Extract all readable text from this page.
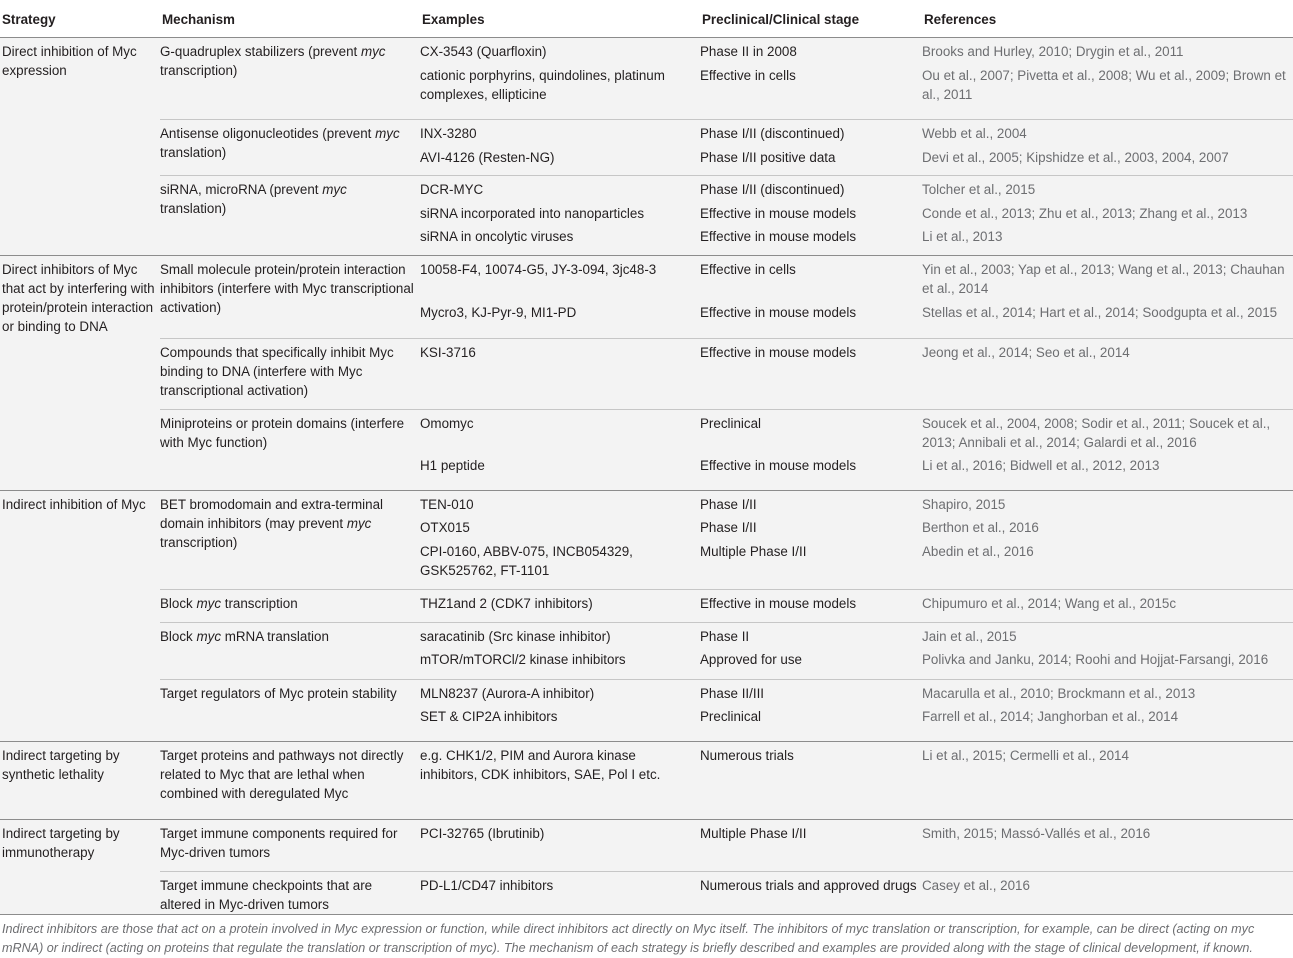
Strategy	Mechanism	Examples	Preclinical/Clinical stage	References
Direct inhibition of Myc expression	G-quadruplex stabilizers (prevent myc transcription)	CX-3543 (Quarfloxin)	Phase II in 2008	Brooks and Hurley, 2010; Drygin et al., 2011
		cationic porphyrins, quindolines, platinum complexes, ellipticine	Effective in cells	Ou et al., 2007; Pivetta et al., 2008; Wu et al., 2009; Brown et al., 2011
	Antisense oligonucleotides (prevent myc translation)	INX-3280	Phase I/II (discontinued)	Webb et al., 2004
		AVI-4126 (Resten-NG)	Phase I/II positive data	Devi et al., 2005; Kipshidze et al., 2003, 2004, 2007
	siRNA, microRNA (prevent myc translation)	DCR-MYC	Phase I/II (discontinued)	Tolcher et al., 2015
		siRNA incorporated into nanoparticles	Effective in mouse models	Conde et al., 2013; Zhu et al., 2013; Zhang et al., 2013
		siRNA in oncolytic viruses	Effective in mouse models	Li et al., 2013
Direct inhibitors of Myc that act by interfering with protein/protein interaction or binding to DNA	Small molecule protein/protein interaction inhibitors (interfere with Myc transcriptional activation)	10058-F4, 10074-G5, JY-3-094, 3jc48-3	Effective in cells	Yin et al., 2003; Yap et al., 2013; Wang et al., 2013; Chauhan et al., 2014
		Mycro3, KJ-Pyr-9, MI1-PD	Effective in mouse models	Stellas et al., 2014; Hart et al., 2014; Soodgupta et al., 2015
	Compounds that specifically inhibit Myc binding to DNA (interfere with Myc transcriptional activation)	KSI-3716	Effective in mouse models	Jeong et al., 2014; Seo et al., 2014
	Miniproteins or protein domains (interfere with Myc function)	Omomyc	Preclinical	Soucek et al., 2004, 2008; Sodir et al., 2011; Soucek et al., 2013; Annibali et al., 2014; Galardi et al., 2016
		H1 peptide	Effective in mouse models	Li et al., 2016; Bidwell et al., 2012, 2013
Indirect inhibition of Myc	BET bromodomain and extra-terminal domain inhibitors (may prevent myc transcription)	TEN-010	Phase I/II	Shapiro, 2015
		OTX015	Phase I/II	Berthon et al., 2016
		CPI-0160, ABBV-075, INCB054329, GSK525762, FT-1101	Multiple Phase I/II	Abedin et al., 2016
	Block myc transcription	THZ1and 2 (CDK7 inhibitors)	Effective in mouse models	Chipumuro et al., 2014; Wang et al., 2015c
	Block myc mRNA translation	saracatinib (Src kinase inhibitor)	Phase II	Jain et al., 2015
		mTOR/mTORCl/2 kinase inhibitors	Approved for use	Polivka and Janku, 2014; Roohi and Hojjat-Farsangi, 2016
	Target regulators of Myc protein stability	MLN8237 (Aurora-A inhibitor)	Phase II/III	Macarulla et al., 2010; Brockmann et al., 2013
		SET & CIP2A inhibitors	Preclinical	Farrell et al., 2014; Janghorban et al., 2014
Indirect targeting by synthetic lethality	Target proteins and pathways not directly related to Myc that are lethal when combined with deregulated Myc	e.g. CHK1/2, PIM and Aurora kinase inhibitors, CDK inhibitors, SAE, Pol I etc.	Numerous trials	Li et al., 2015; Cermelli et al., 2014
Indirect targeting by immunotherapy	Target immune components required for Myc-driven tumors	PCI-32765 (Ibrutinib)	Multiple Phase I/II	Smith, 2015; Massó-Vallés et al., 2016
	Target immune checkpoints that are altered in Myc-driven tumors	PD-L1/CD47 inhibitors	Numerous trials and approved drugs	Casey et al., 2016
Indirect inhibitors are those that act on a protein involved in Myc expression or function, while direct inhibitors act directly on Myc itself. The inhibitors of myc translation or transcription, for example, can be direct (acting on myc mRNA) or indirect (acting on proteins that regulate the translation or transcription of myc). The mechanism of each strategy is briefly described and examples are provided along with the stage of clinical development, if known.
